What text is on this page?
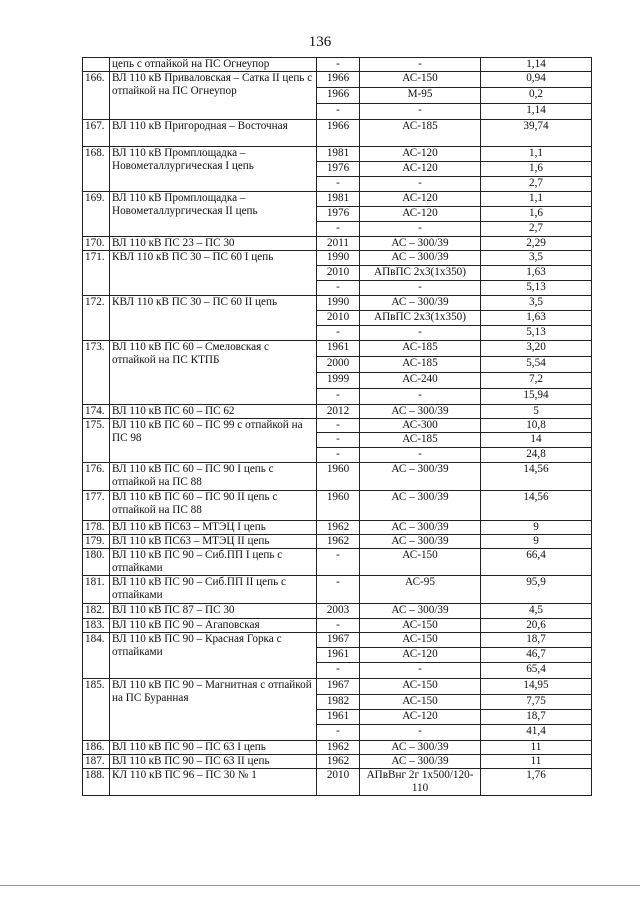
136
	цепь с отпайкой на ПС Огнеупор	-	-	1,14
166.	ВЛ 110 кВ Приваловская – Сатка II цепь с отпайкой на ПС Огнеупор	1966	АС-150	0,94
		1966	М-95	0,2
		-	-	1,14
167.	ВЛ 110 кВ Пригородная – Восточная	1966	АС-185	39,74
168.	ВЛ 110 кВ Промплощадка – Новометаллургическая I цепь	1981	АС-120	1,1
		1976	АС-120	1,6
		-	-	2,7
169.	ВЛ 110 кВ Промплощадка – Новометаллургическая II цепь	1981	АС-120	1,1
		1976	АС-120	1,6
		-	-	2,7
170.	ВЛ 110 кВ ПС 23 – ПС 30	2011	АС – 300/39	2,29
171.	КВЛ 110 кВ ПС 30 – ПС 60 I цепь	1990	АС – 300/39	3,5
		2010	АПвПС 2х3(1х350)	1,63
		-	-	5,13
172.	КВЛ 110 кВ ПС 30 – ПС 60 II цепь	1990	АС – 300/39	3,5
		2010	АПвПС 2х3(1х350)	1,63
		-	-	5,13
173.	ВЛ 110 кВ ПС 60 – Смеловская с отпайкой на ПС КТПБ	1961	АС-185	3,20
		2000	АС-185	5,54
		1999	АС-240	7,2
		-	-	15,94
174.	ВЛ 110 кВ ПС 60 – ПС 62	2012	АС – 300/39	5
175.	ВЛ 110 кВ ПС 60 – ПС 99 с отпайкой на ПС 98	-	АС-300	10,8
		-	АС-185	14
		-	-	24,8
176.	ВЛ 110 кВ ПС 60 – ПС 90 I цепь с отпайкой на ПС 88	1960	АС – 300/39	14,56
177.	ВЛ 110 кВ ПС 60 – ПС 90 II цепь с отпайкой на ПС 88	1960	АС – 300/39	14,56
178.	ВЛ 110 кВ ПС63 – МТЭЦ I цепь	1962	АС – 300/39	9
179.	ВЛ 110 кВ ПС63 – МТЭЦ II цепь	1962	АС – 300/39	9
180.	ВЛ 110 кВ ПС 90 – Сиб.ПП I цепь с отпайками	-	АС-150	66,4
181.	ВЛ 110 кВ ПС 90 – Сиб.ПП II цепь с отпайками	-	АС-95	95,9
182.	ВЛ 110 кВ ПС 87 – ПС 30	2003	АС – 300/39	4,5
183.	ВЛ 110 кВ ПС 90 – Агаповская	-	АС-150	20,6
184.	ВЛ 110 кВ ПС 90 – Красная Горка с отпайками	1967	АС-150	18,7
		1961	АС-120	46,7
		-	-	65,4
185.	ВЛ 110 кВ ПС 90 – Магнитная с отпайкой на ПС Буранная	1967	АС-150	14,95
		1982	АС-150	7,75
		1961	АС-120	18,7
		-	-	41,4
186.	ВЛ 110 кВ ПС 90 – ПС 63 I цепь	1962	АС – 300/39	11
187.	ВЛ 110 кВ ПС 90 – ПС 63 II цепь	1962	АС – 300/39	11
188.	КЛ 110 кВ ПС 96 – ПС 30 № 1	2010	АПвВнг 2г 1х500/120-110	1,76
